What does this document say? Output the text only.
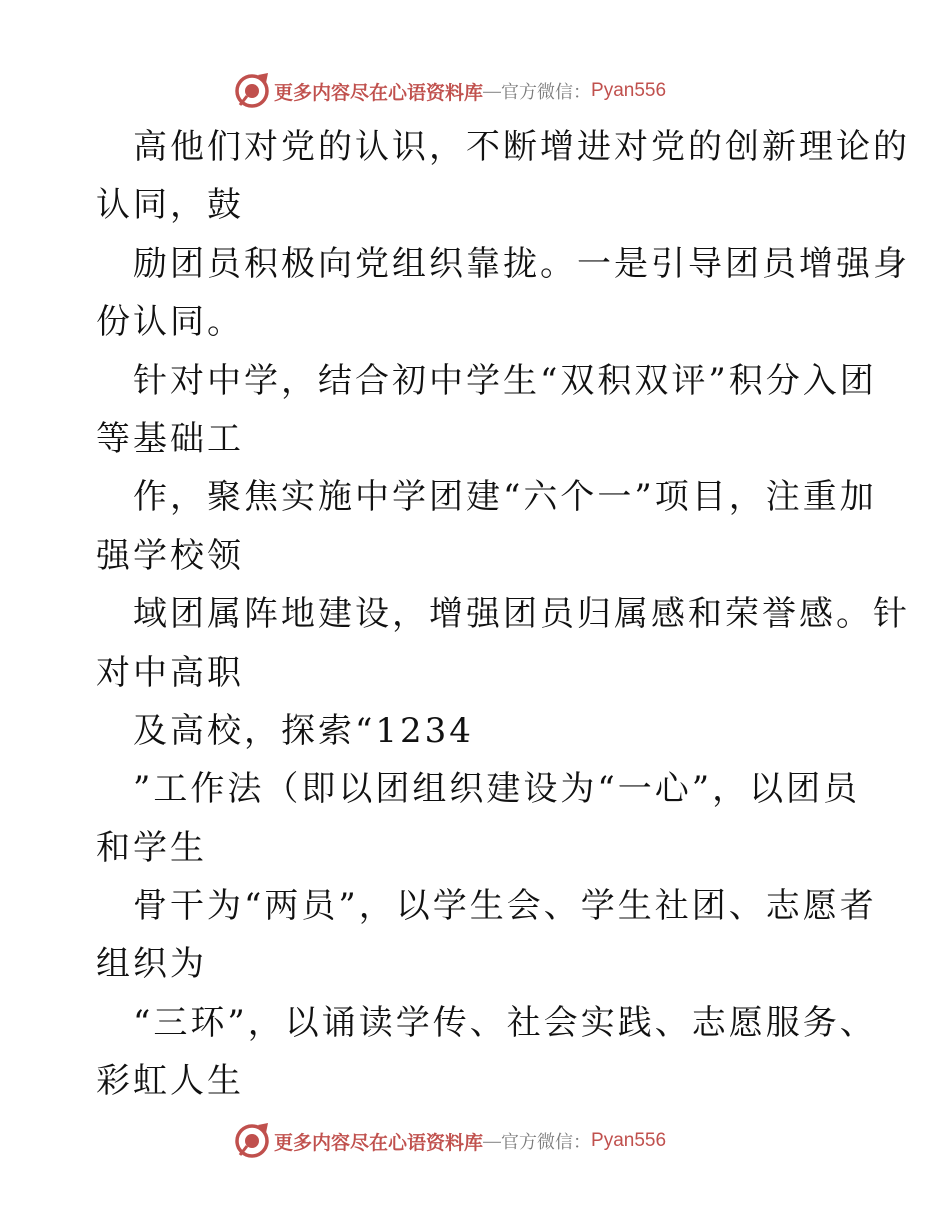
更多内容尽在心语资料库 — 官方微信： Pyan556
　高他们对党的认识，不断增进对党的创新理论的
认同，鼓
　励团员积极向党组织靠拢。一是引导团员增强身
份认同。
　针对中学，结合初中学生“双积双评”积分入团
等基础工
　作，聚焦实施中学团建“六个一”项目，注重加
强学校领
　域团属阵地建设，增强团员归属感和荣誉感。针
对中高职
　及高校，探索“1234
　”工作法（即以团组织建设为“一心”，以团员
和学生
　骨干为“两员”，以学生会、学生社团、志愿者
组织为
　“三环”，以诵读学传、社会实践、志愿服务、
彩虹人生
更多内容尽在心语资料库 — 官方微信： Pyan556
